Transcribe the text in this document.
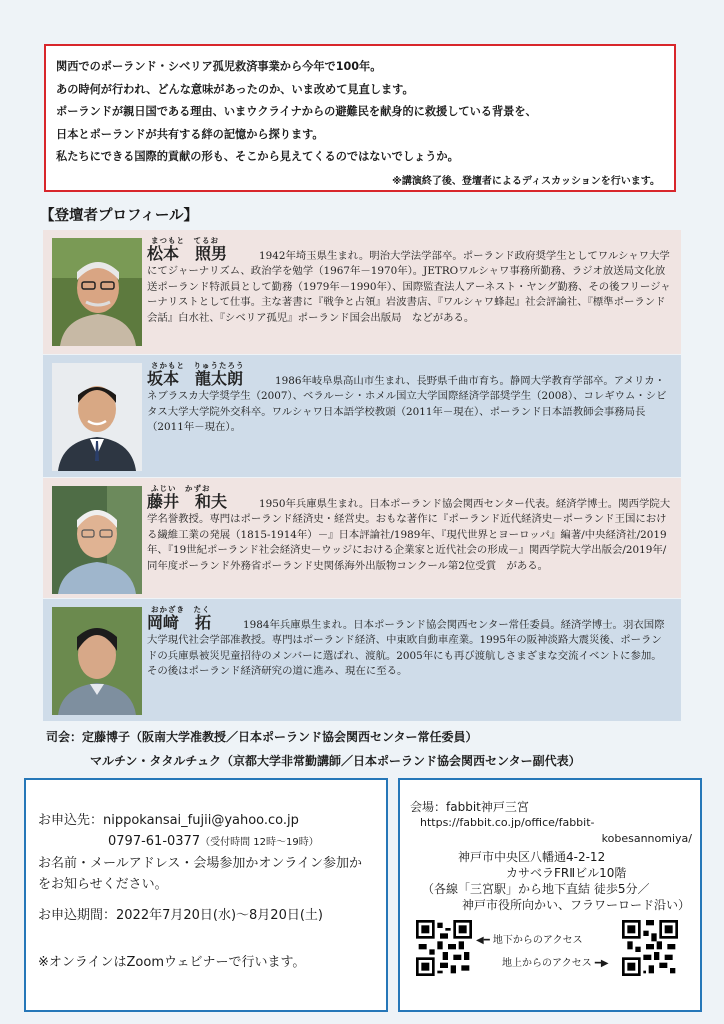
関西でのポーランド・シベリア孤児救済事業から今年で100年。

あの時何が行われ、どんな意味があったのか、いま改めて見直します。

ポーランドが親日国である理由、いまウクライナからの避難民を献身的に救援している背景を、

日本とポーランドが共有する絆の記憶から探ります。

私たちにできる国際的貢献の形も、そこから見えてくるのではないでしょうか。

※講演終了後、登壇者によるディスカッションを行います。

【登壇者プロフィール】
まつもと　てるお
松本　照男	1942年埼玉県生まれ。明治大学法学部卒。ポーランド政府奨学生としてワルシャワ大学にてジャーナリズム、政治学を勉学（1967年－1970年）。JETROワルシャワ事務所勤務、ラジオ放送局文化放送ポーランド特派員として勤務（1979年－1990年）、国際監査法人アーネスト・ヤング勤務、その後フリージャーナリストとして仕事。主な著書に『戦争と占領』岩波書店、『ワルシャワ蜂起』社会評論社、『標準ポーランド会話』白水社、『シベリア孤児』ポーランド国会出版局　などがある。
さかもと　りゅうたろう
坂本　龍太朗	1986年岐阜県高山市生まれ、長野県千曲市育ち。静岡大学教育学部卒。アメリカ・ネブラスカ大学奨学生（2007）、ベラルーシ・ホメル国立大学国際経済学部奨学生（2008）、コレギウム・シビタス大学大学院外交科卒。ワルシャワ日本語学校教頭（2011年－現在）、ポーランド日本語教師会事務局長（2011年－現在）。
ふじい　かずお
藤井　和夫	1950年兵庫県生まれ。日本ポーランド協会関西センター代表。経済学博士。関西学院大学名誉教授。専門はポーランド経済史・経営史。おもな著作に『ポーランド近代経済史－ポーランド王国における繊維工業の発展（1815-1914年）－』日本評論社/1989年、『現代世界とヨーロッパ』編著/中央経済社/2019年、『19世紀ポーランド社会経済史－ウッジにおける企業家と近代社会の形成－』関西学院大学出版会/2019年/同年度ポーランド外務省ポーランド史関係海外出版物コンクール第2位受賞　がある。
おかざき　たく
岡﨑　拓	1984年兵庫県生まれ。日本ポーランド協会関西センター常任委員。経済学博士。羽衣国際大学現代社会学部准教授。専門はポーランド経済、中東欧自動車産業。1995年の阪神淡路大震災後、ポーランドの兵庫県被災児童招待のメンバーに選ばれ、渡航。2005年にも再び渡航しさまざまな交流イベントに参加。その後はポーランド経済研究の道に進み、現在に至る。
司会：定藤博子（阪南大学准教授／日本ポーランド協会関西センター常任委員）
マルチン・タタルチュク（京都大学非常勤講師／日本ポーランド協会関西センター副代表）
お申込先：nippokansai_fujii@yahoo.co.jp
0797-61-0377（受付時間 12時～19時）
お名前・メールアドレス・会場参加かオンライン参加か
をお知らせください。
お申込期間：2022年7月20日(水)～8月20日(土)
※オンラインはZoomウェビナーで行います。
会場：fabbit神戸三宮
https://fabbit.co.jp/office/fabbit-
kobesannomiya/
神戸市中央区八幡通4-2-12
カサベラFRⅡビル10階
（各線「三宮駅」から地下直結 徒歩5分／
神戸市役所向かい、フラワーロード沿い）
◀━ 地下からのアクセス
地上からのアクセス ━▶
